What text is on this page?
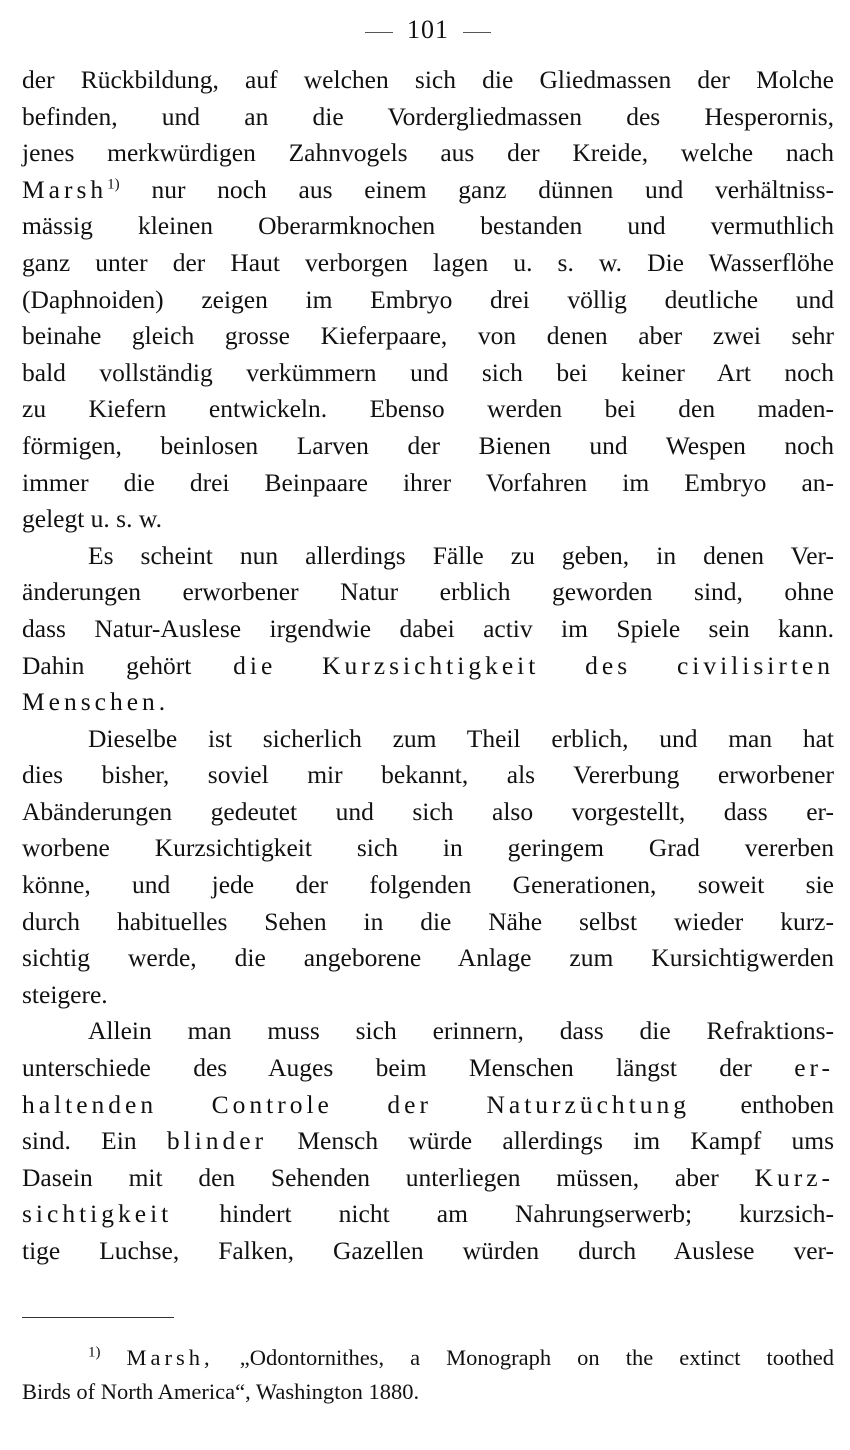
101
der Rückbildung, auf welchen sich die Gliedmassen der Molche
befinden, und an die Vordergliedmassen des Hesperornis,
jenes merkwürdigen Zahnvogels aus der Kreide, welche nach
Marsh$^{1)}$ nur noch aus einem ganz dünnen und verhältniss-
mässig kleinen Oberarmknochen bestanden und vermuthlich
ganz unter der Haut verborgen lagen u. s. w. Die Wasserflöhe
(Daphnoiden) zeigen im Embryo drei völlig deutliche und
beinahe gleich grosse Kieferpaare, von denen aber zwei sehr
bald vollständig verkümmern und sich bei keiner Art noch
zu Kiefern entwickeln. Ebenso werden bei den maden-
förmigen, beinlosen Larven der Bienen und Wespen noch
immer die drei Beinpaare ihrer Vorfahren im Embryo an-
gelegt u. s. w.
Es scheint nun allerdings Fälle zu geben, in denen Ver-
änderungen erworbener Natur erblich geworden sind, ohne
dass Natur-Auslese irgendwie dabei activ im Spiele sein kann.
Dahin gehört die Kurzsichtigkeit des civilisirten
Menschen.
Dieselbe ist sicherlich zum Theil erblich, und man hat
dies bisher, soviel mir bekannt, als Vererbung erworbener
Abänderungen gedeutet und sich also vorgestellt, dass er-
worbene Kurzsichtigkeit sich in geringem Grad vererben
könne, und jede der folgenden Generationen, soweit sie
durch habituelles Sehen in die Nähe selbst wieder kurz-
sichtig werde, die angeborene Anlage zum Kursichtigwerden
steigere.
Allein man muss sich erinnern, dass die Refraktions-
unterschiede des Auges beim Menschen längst der er-
haltenden Controle der Naturzüchtung enthoben
sind. Ein blinder Mensch würde allerdings im Kampf ums
Dasein mit den Sehenden unterliegen müssen, aber Kurz-
sichtigkeit hindert nicht am Nahrungserwerb; kurzsich-
tige Luchse, Falken, Gazellen würden durch Auslese ver-
$^{1)}$ Marsh, „Odontornithes, a Monograph on the extinct toothed
Birds of North America“, Washington 1880.
